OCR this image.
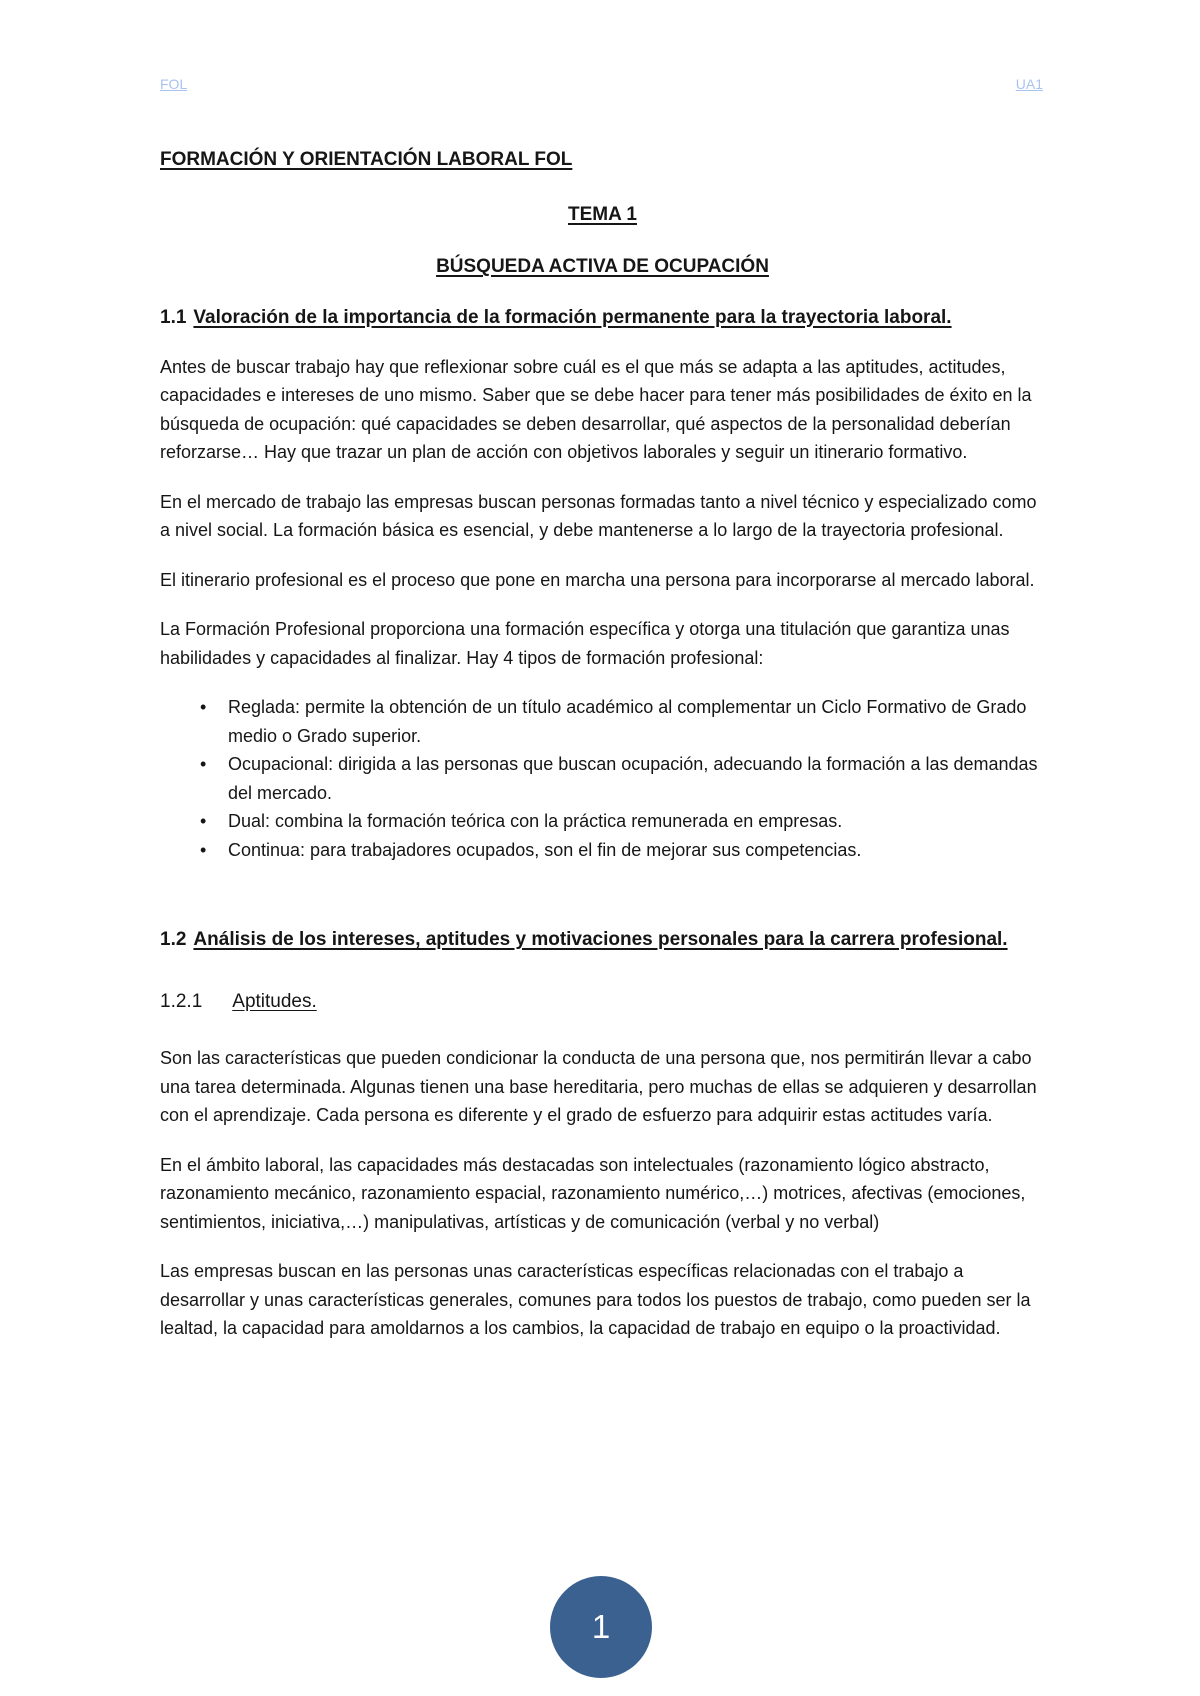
FOL	UA1
FORMACIÓN Y ORIENTACIÓN LABORAL FOL
TEMA 1
BÚSQUEDA ACTIVA DE OCUPACIÓN
1.1 Valoración de la importancia de la formación permanente para la trayectoria laboral.

Antes de buscar trabajo hay que reflexionar sobre cuál es el que más se adapta a las aptitudes, actitudes, capacidades e intereses de uno mismo. Saber que se debe hacer para tener más posibilidades de éxito en la búsqueda de ocupación: qué capacidades se deben desarrollar, qué aspectos de la personalidad deberían reforzarse… Hay que trazar un plan de acción con objetivos laborales y seguir un itinerario formativo.

En el mercado de trabajo las empresas buscan personas formadas tanto a nivel técnico y especializado como a nivel social. La formación básica es esencial, y debe mantenerse a lo largo de la trayectoria profesional.

El itinerario profesional es el proceso que pone en marcha una persona para incorporarse al mercado laboral.

La Formación Profesional proporciona una formación específica y otorga una titulación que garantiza unas habilidades y capacidades al finalizar. Hay 4 tipos de formación profesional:

• Reglada: permite la obtención de un título académico al complementar un Ciclo Formativo de Grado medio o Grado superior.
• Ocupacional: dirigida a las personas que buscan ocupación, adecuando la formación a las demandas del mercado.
• Dual: combina la formación teórica con la práctica remunerada en empresas.
• Continua: para trabajadores ocupados, son el fin de mejorar sus competencias.
1.2 Análisis de los intereses, aptitudes y motivaciones personales para la carrera profesional.
1.2.1 Aptitudes.

Son las características que pueden condicionar la conducta de una persona que, nos permitirán llevar a cabo una tarea determinada. Algunas tienen una base hereditaria, pero muchas de ellas se adquieren y desarrollan con el aprendizaje. Cada persona es diferente y el grado de esfuerzo para adquirir estas actitudes varía.

En el ámbito laboral, las capacidades más destacadas son intelectuales (razonamiento lógico abstracto, razonamiento mecánico, razonamiento espacial, razonamiento numérico,…) motrices, afectivas (emociones, sentimientos, iniciativa,…) manipulativas, artísticas y de comunicación (verbal y no verbal)

Las empresas buscan en las personas unas características específicas relacionadas con el trabajo a desarrollar y unas características generales, comunes para todos los puestos de trabajo, como pueden ser la lealtad, la capacidad para amoldarnos a los cambios, la capacidad de trabajo en equipo o la proactividad.

1
